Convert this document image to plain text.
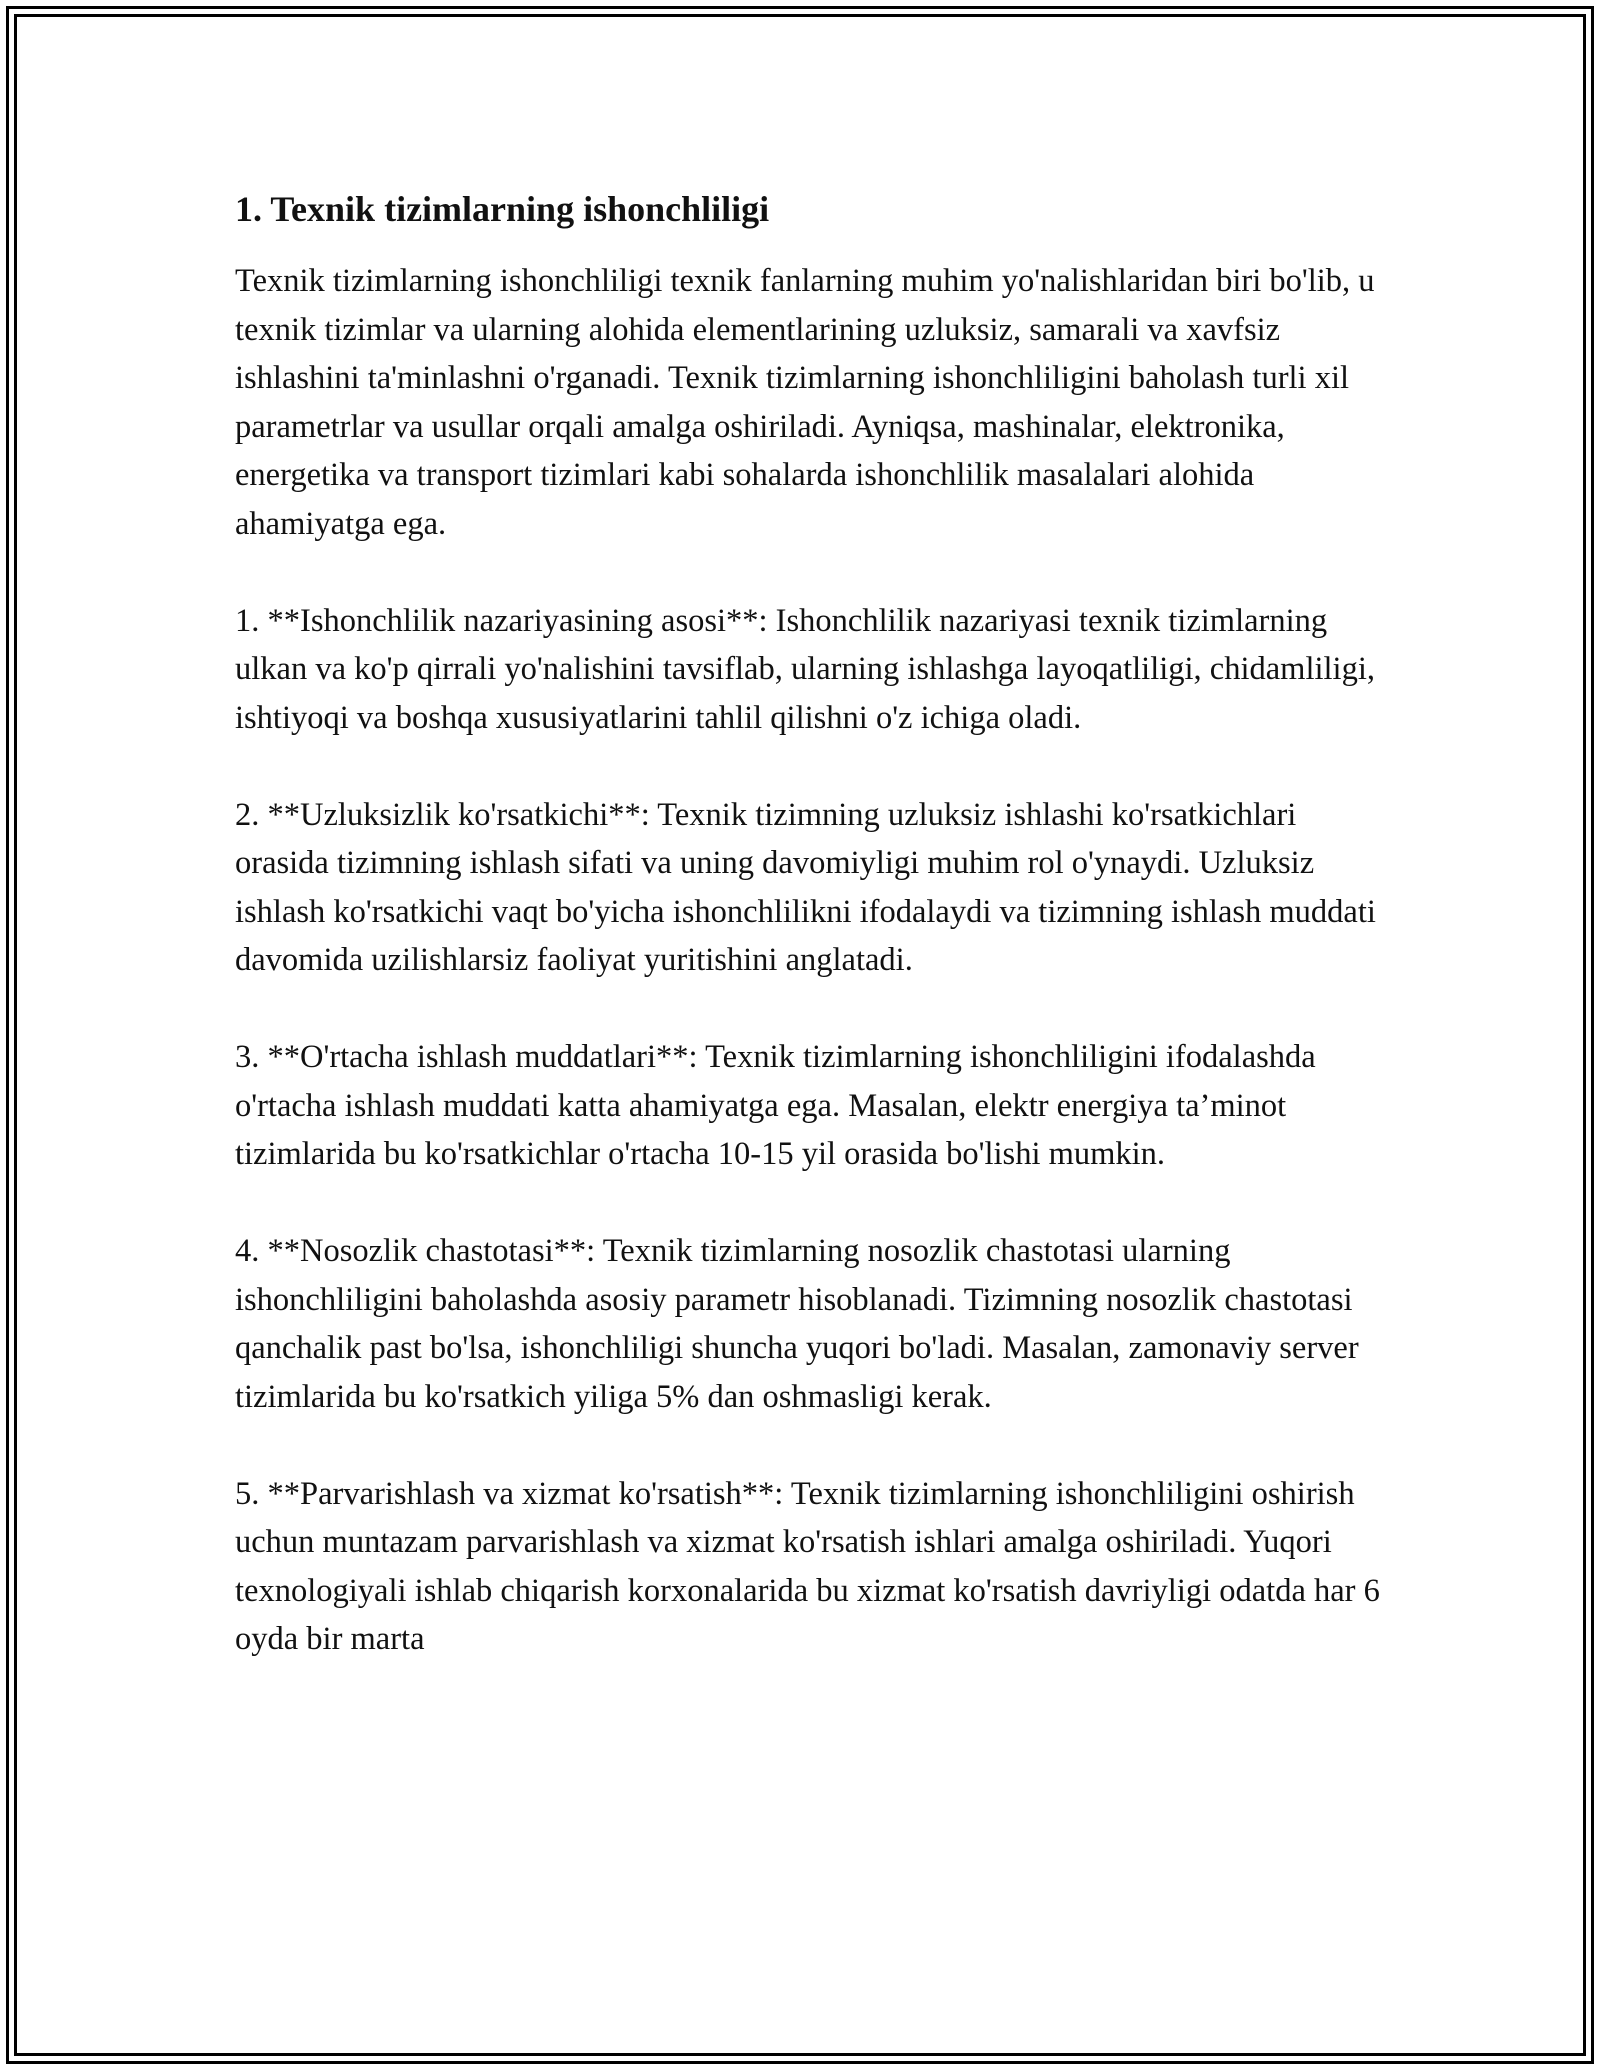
1. Texnik tizimlarning ishonchliligi

Texnik tizimlarning ishonchliligi texnik fanlarning muhim yo'nalishlaridan biri bo'lib, u texnik tizimlar va ularning alohida elementlarining uzluksiz, samarali va xavfsiz ishlashini ta'minlashni o'rganadi. Texnik tizimlarning ishonchliligini baholash turli xil parametrlar va usullar orqali amalga oshiriladi. Ayniqsa, mashinalar, elektronika, energetika va transport tizimlari kabi sohalarda ishonchlilik masalalari alohida ahamiyatga ega.

1. **Ishonchlilik nazariyasining asosi**: Ishonchlilik nazariyasi texnik tizimlarning ulkan va ko'p qirrali yo'nalishini tavsiflab, ularning ishlashga layoqatliligi, chidamliligi, ishtiyoqi va boshqa xususiyatlarini tahlil qilishni o'z ichiga oladi.

2. **Uzluksizlik ko'rsatkichi**: Texnik tizimning uzluksiz ishlashi ko'rsatkichlari orasida tizimning ishlash sifati va uning davomiyligi muhim rol o'ynaydi. Uzluksiz ishlash ko'rsatkichi vaqt bo'yicha ishonchlilikni ifodalaydi va tizimning ishlash muddati davomida uzilishlarsiz faoliyat yuritishini anglatadi.

3. **O'rtacha ishlash muddatlari**: Texnik tizimlarning ishonchliligini ifodalashda o'rtacha ishlash muddati katta ahamiyatga ega. Masalan, elektr energiya ta’minot tizimlarida bu ko'rsatkichlar o'rtacha 10-15 yil orasida bo'lishi mumkin.

4. **Nosozlik chastotasi**: Texnik tizimlarning nosozlik chastotasi ularning ishonchliligini baholashda asosiy parametr hisoblanadi. Tizimning nosozlik chastotasi qanchalik past bo'lsa, ishonchliligi shuncha yuqori bo'ladi. Masalan, zamonaviy server tizimlarida bu ko'rsatkich yiliga 5% dan oshmasligi kerak.

5. **Parvarishlash va xizmat ko'rsatish**: Texnik tizimlarning ishonchliligini oshirish uchun muntazam parvarishlash va xizmat ko'rsatish ishlari amalga oshiriladi. Yuqori texnologiyali ishlab chiqarish korxonalarida bu xizmat ko'rsatish davriyligi odatda har 6 oyda bir marta
